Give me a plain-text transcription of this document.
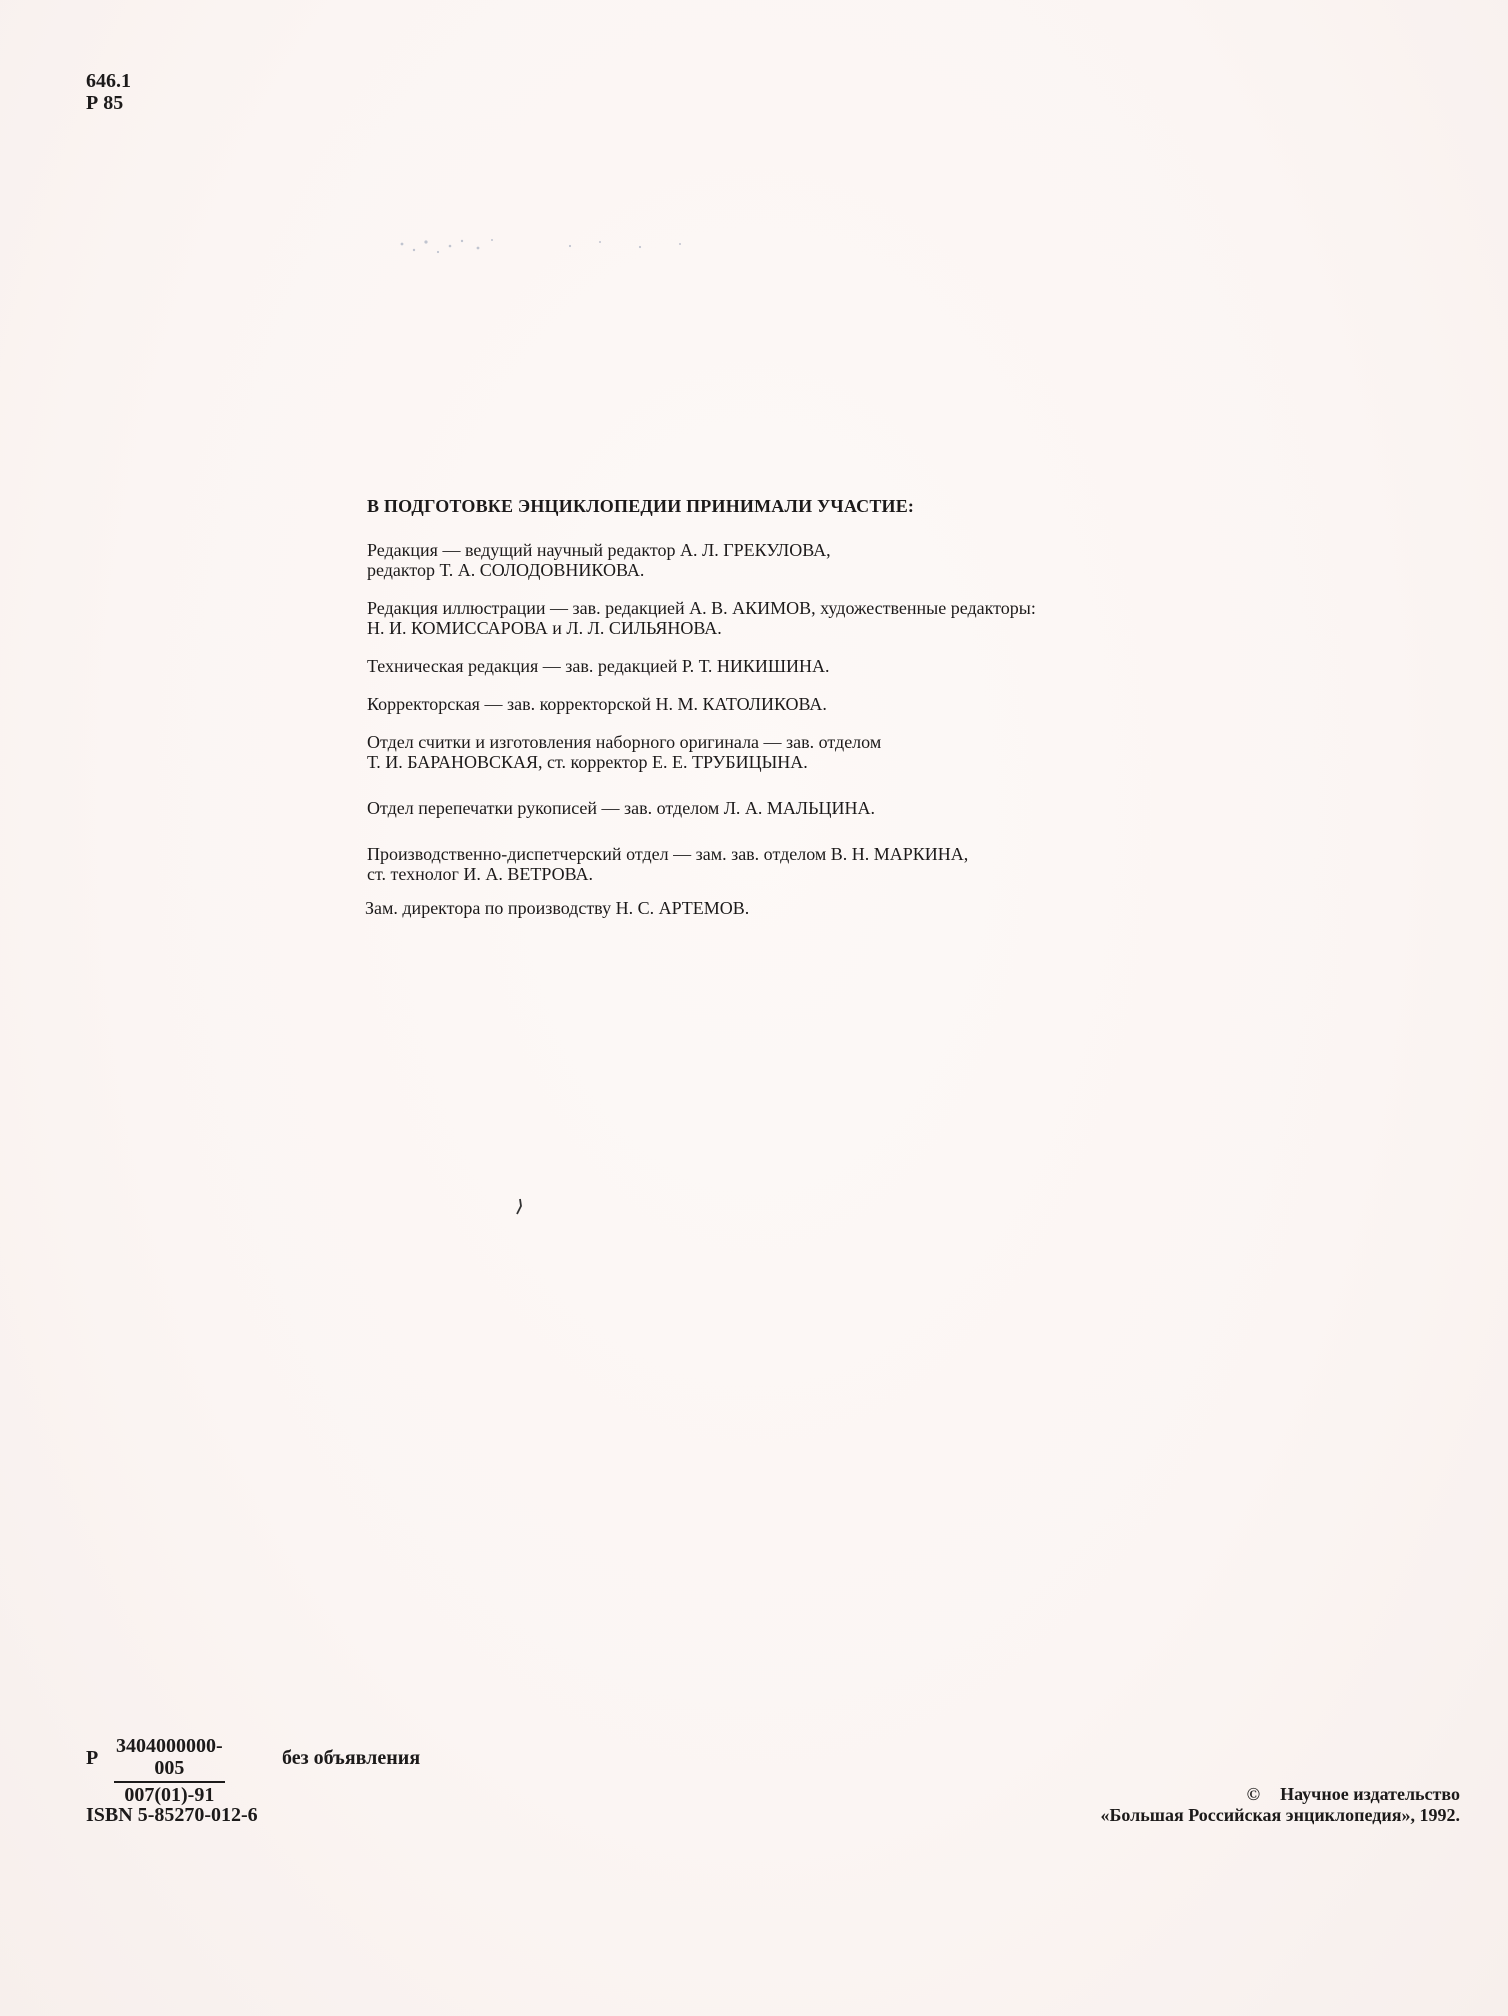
646.1
Р 85
В ПОДГОТОВКЕ ЭНЦИКЛОПЕДИИ ПРИНИМАЛИ УЧАСТИЕ:
Редакция — ведущий научный редактор А. Л. ГРЕКУЛОВА,
редактор Т. А. СОЛОДОВНИКОВА.
Редакция иллюстрации — зав. редакцией А. В. АКИМОВ, художественные редакторы:
Н. И. КОМИССАРОВА и Л. Л. СИЛЬЯНОВА.
Техническая редакция — зав. редакцией Р. Т. НИКИШИНА.
Корректорская — зав. корректорской Н. М. КАТОЛИКОВА.
Отдел считки и изготовления наборного оригинала — зав. отделом
Т. И. БАРАНОВСКАЯ, ст. корректор Е. Е. ТРУБИЦЫНА.
Отдел перепечатки рукописей — зав. отделом Л. А. МАЛЬЦИНА.
Производственно-диспетчерский отдел — зам. зав. отделом В. Н. МАРКИНА,
ст. технолог И. А. ВЕТРОВА.
Зам. директора по производству Н. С. АРТЕМОВ.
Р $\frac{3404000000-005}{007(01)-91}$	без объявления
ISBN 5-85270-012-6
© Научное издательство
«Большая Российская энциклопедия», 1992.
